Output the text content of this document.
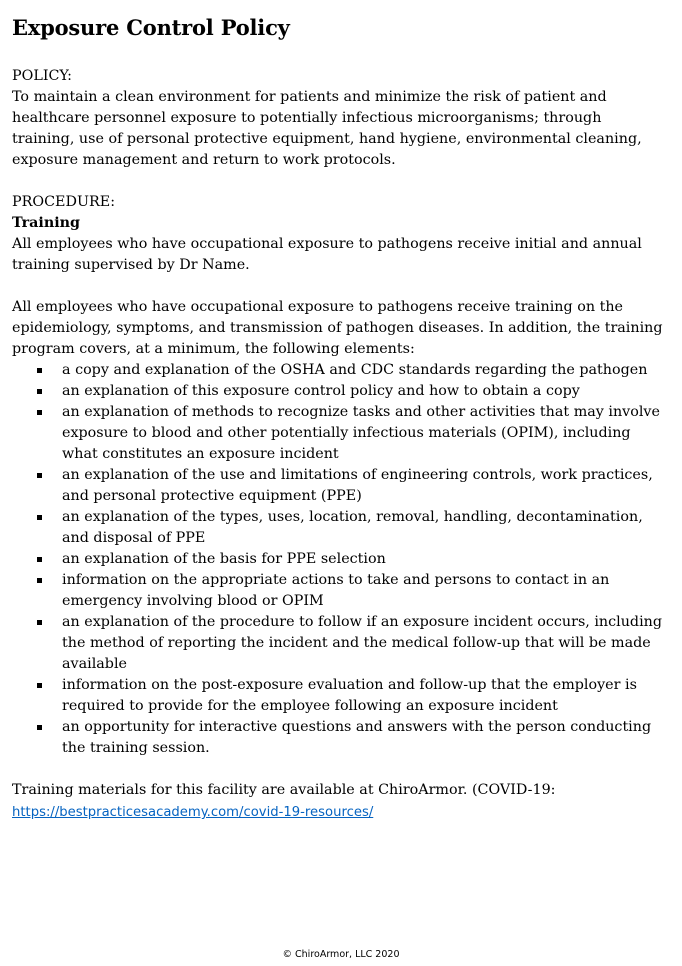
Exposure Control Policy

POLICY:

To maintain a clean environment for patients and minimize the risk of patient and healthcare personnel exposure to potentially infectious microorganisms; through training, use of personal protective equipment, hand hygiene, environmental cleaning, exposure management and return to work protocols.

PROCEDURE:

Training

All employees who have occupational exposure to pathogens receive initial and annual training supervised by Dr Name.

All employees who have occupational exposure to pathogens receive training on the epidemiology, symptoms, and transmission of pathogen diseases. In addition, the training program covers, at a minimum, the following elements:

a copy and explanation of the OSHA and CDC standards regarding the pathogen
an explanation of this exposure control policy and how to obtain a copy
an explanation of methods to recognize tasks and other activities that may involve exposure to blood and other potentially infectious materials (OPIM), including what constitutes an exposure incident
an explanation of the use and limitations of engineering controls, work practices, and personal protective equipment (PPE)
an explanation of the types, uses, location, removal, handling, decontamination, and disposal of PPE
an explanation of the basis for PPE selection
information on the appropriate actions to take and persons to contact in an emergency involving blood or OPIM
an explanation of the procedure to follow if an exposure incident occurs, including the method of reporting the incident and the medical follow-up that will be made available
information on the post-exposure evaluation and follow-up that the employer is required to provide for the employee following an exposure incident
an opportunity for interactive questions and answers with the person conducting the training session.

Training materials for this facility are available at ChiroArmor. (COVID-19:

https://bestpracticesacademy.com/covid-19-resources/
© ChiroArmor, LLC 2020
